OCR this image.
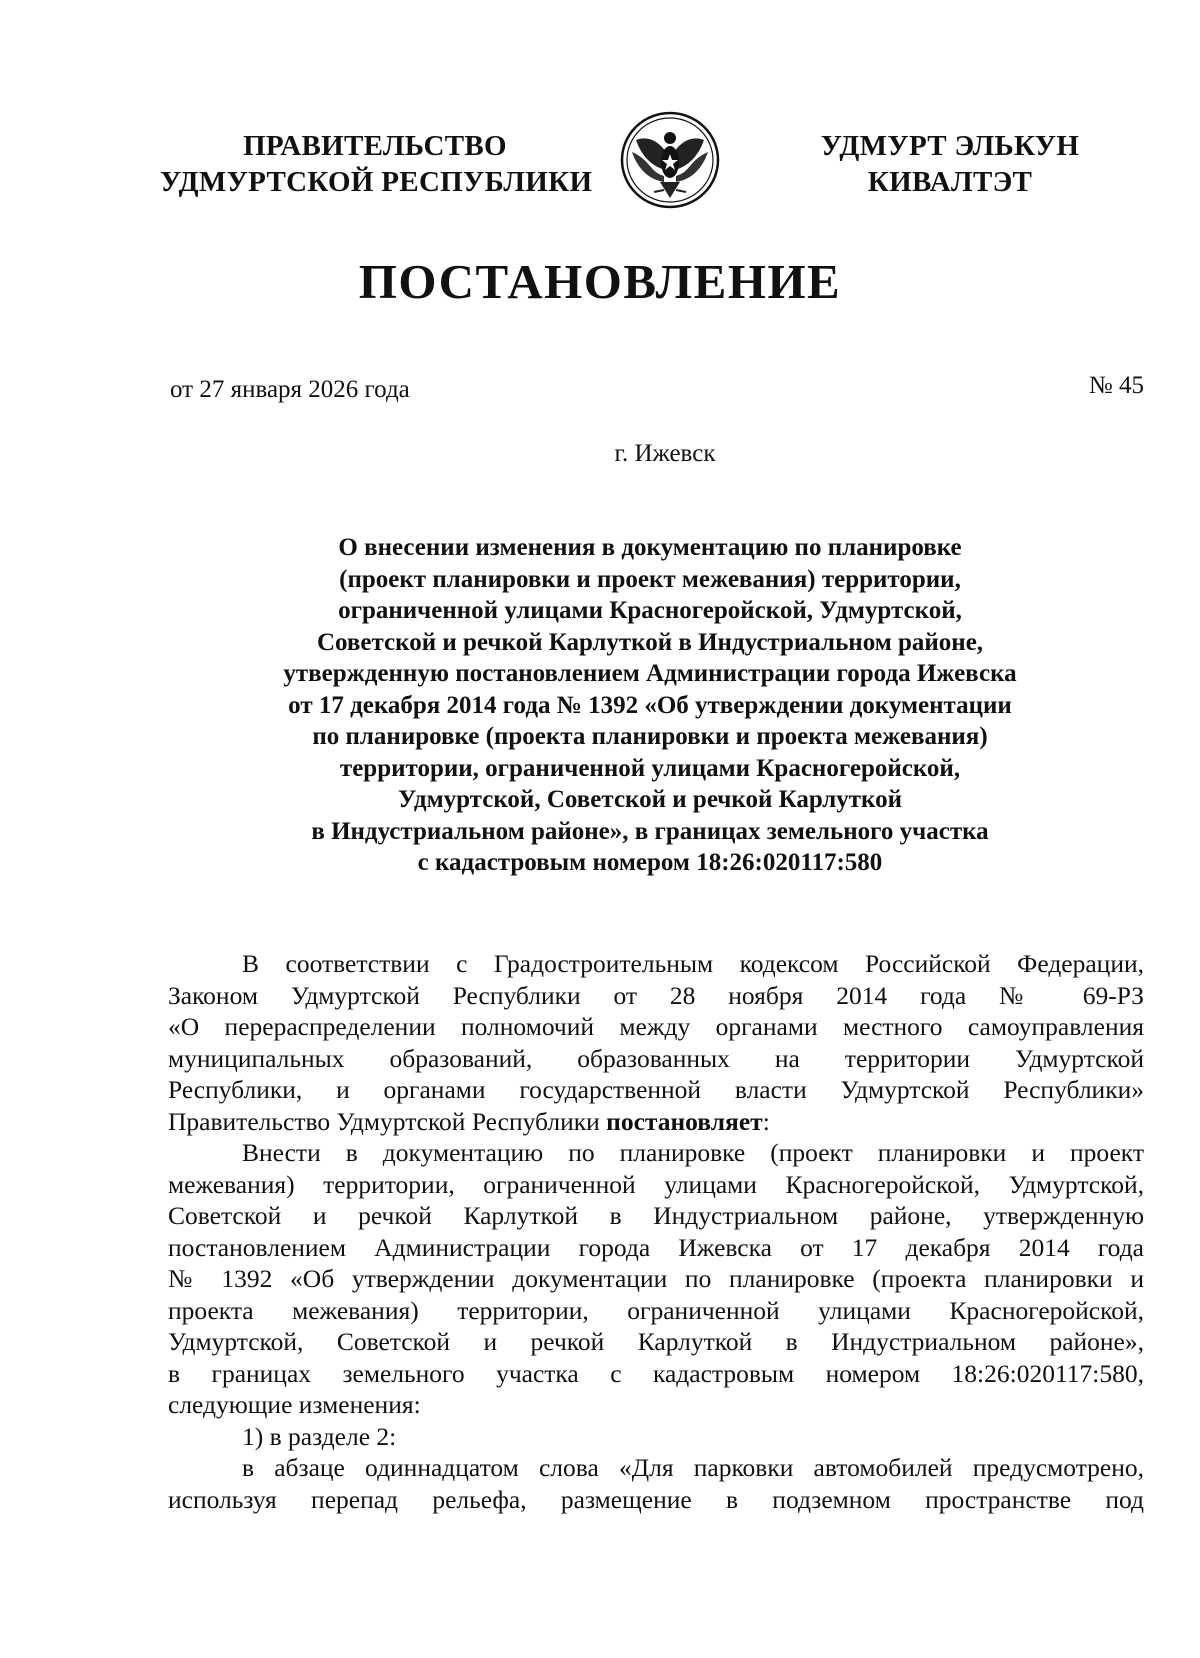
ПРАВИТЕЛЬСТВО
УДМУРТСКОЙ РЕСПУБЛИКИ
УДМУРТ ЭЛЬКУН
КИВАЛТЭТ
ПОСТАНОВЛЕНИЕ
от 27 января 2026 года	№ 45
г. Ижевск
О внесении изменения в документацию по планировке
(проект планировки и проект межевания) территории,
ограниченной улицами Красногеройской, Удмуртской,
Советской и речкой Карлуткой в Индустриальном районе,
утвержденную постановлением Администрации города Ижевска
от 17 декабря 2014 года № 1392 «Об утверждении документации
по планировке (проекта планировки и проекта межевания)
территории, ограниченной улицами Красногеройской,
Удмуртской, Советской и речкой Карлуткой
в Индустриальном районе», в границах земельного участка
с кадастровым номером 18:26:020117:580

В соответствии с Градостроительным кодексом Российской Федерации,
Законом Удмуртской Республики от 28 ноября 2014 года № 69-РЗ
«О перераспределении полномочий между органами местного самоуправления
муниципальных образований, образованных на территории Удмуртской
Республики, и органами государственной власти Удмуртской Республики»
Правительство Удмуртской Республики постановляет:

Внести в документацию по планировке (проект планировки и проект
межевания) территории, ограниченной улицами Красногеройской, Удмуртской,
Советской и речкой Карлуткой в Индустриальном районе, утвержденную
постановлением Администрации города Ижевска от 17 декабря 2014 года
№ 1392 «Об утверждении документации по планировке (проекта планировки и
проекта межевания) территории, ограниченной улицами Красногеройской,
Удмуртской, Советской и речкой Карлуткой в Индустриальном районе»,
в границах земельного участка с кадастровым номером 18:26:020117:580,
следующие изменения:

1) в разделе 2:

в абзаце одиннадцатом слова «Для парковки автомобилей предусмотрено,
используя перепад рельефа, размещение в подземном пространстве под
